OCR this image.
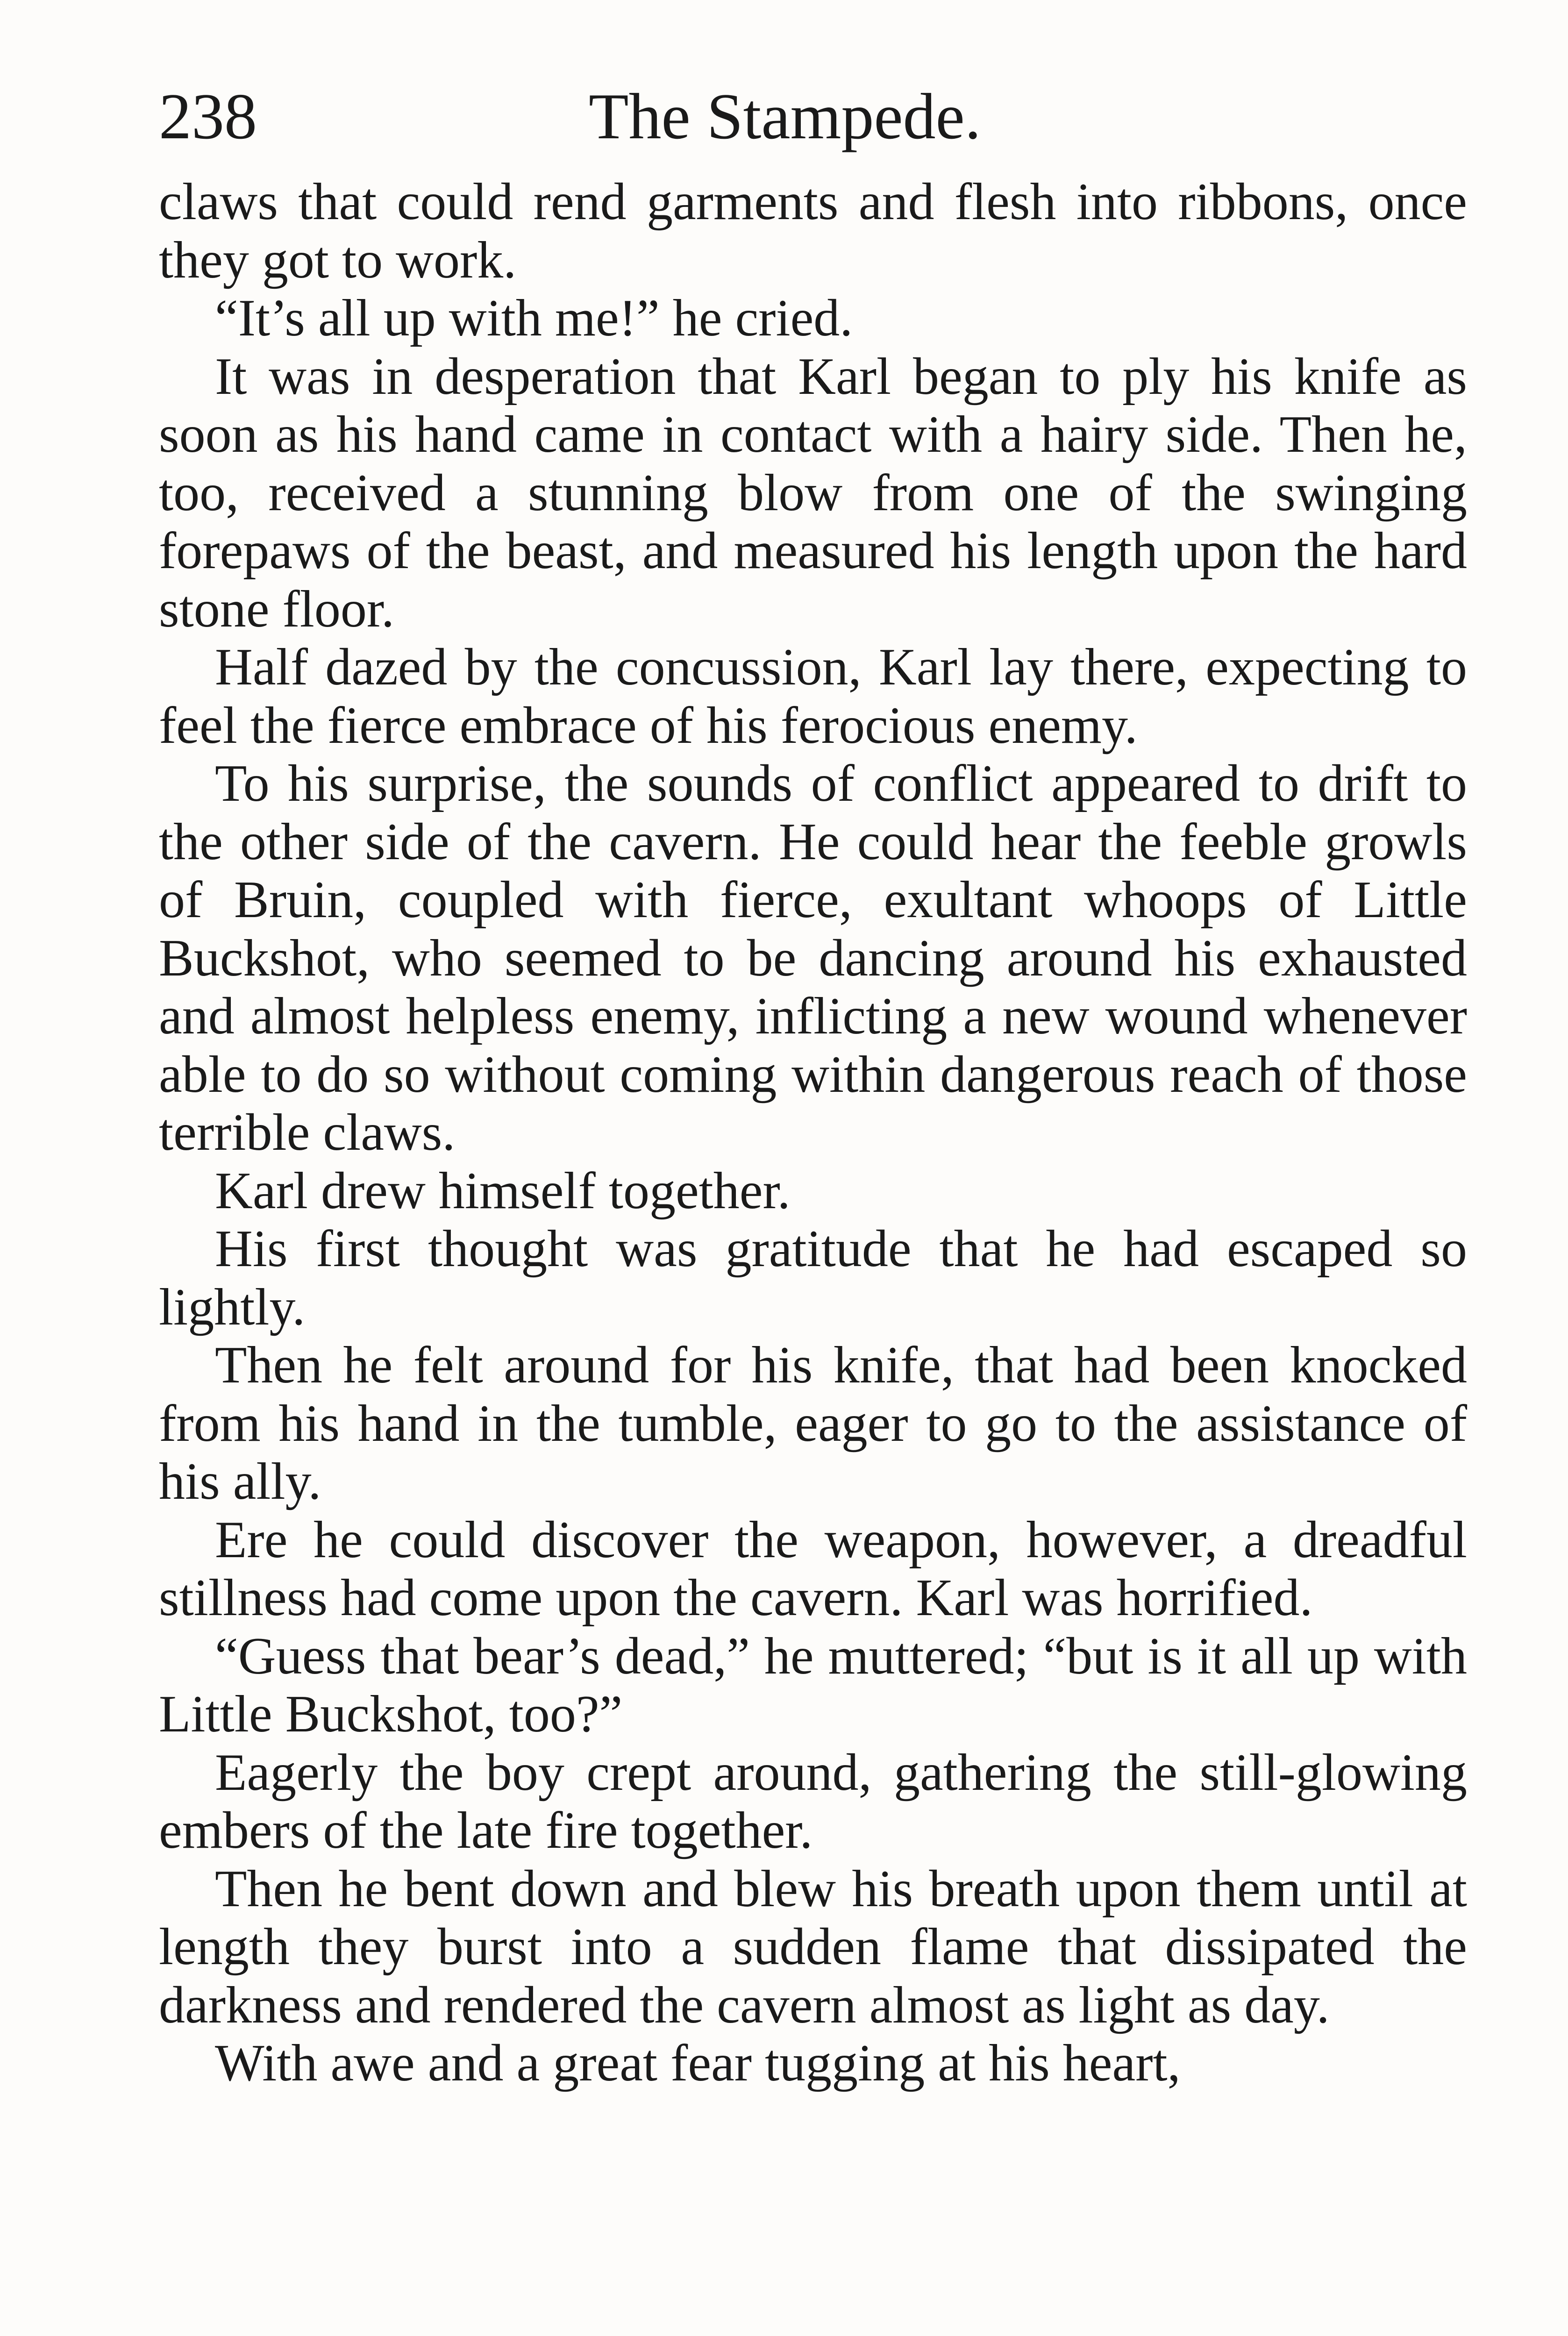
238	The Stampede.

claws that could rend garments and flesh into ribbons, once they got to work.

“It’s all up with me!” he cried.

It was in desperation that Karl began to ply his knife as soon as his hand came in contact with a hairy side. Then he, too, received a stunning blow from one of the swinging forepaws of the beast, and measured his length upon the hard stone floor.

Half dazed by the concussion, Karl lay there, expecting to feel the fierce embrace of his ferocious enemy.

To his surprise, the sounds of conflict appeared to drift to the other side of the cavern. He could hear the feeble growls of Bruin, coupled with fierce, exultant whoops of Little Buckshot, who seemed to be dancing around his exhausted and almost helpless enemy, inflicting a new wound whenever able to do so without coming within dangerous reach of those terrible claws.

Karl drew himself together.

His first thought was gratitude that he had escaped so lightly.

Then he felt around for his knife, that had been knocked from his hand in the tumble, eager to go to the assistance of his ally.

Ere he could discover the weapon, however, a dreadful stillness had come upon the cavern. Karl was horrified.

“Guess that bear’s dead,” he muttered; “but is it all up with Little Buckshot, too?”

Eagerly the boy crept around, gathering the still-glowing embers of the late fire together.

Then he bent down and blew his breath upon them until at length they burst into a sudden flame that dissipated the darkness and rendered the cavern almost as light as day.

With awe and a great fear tugging at his heart,
